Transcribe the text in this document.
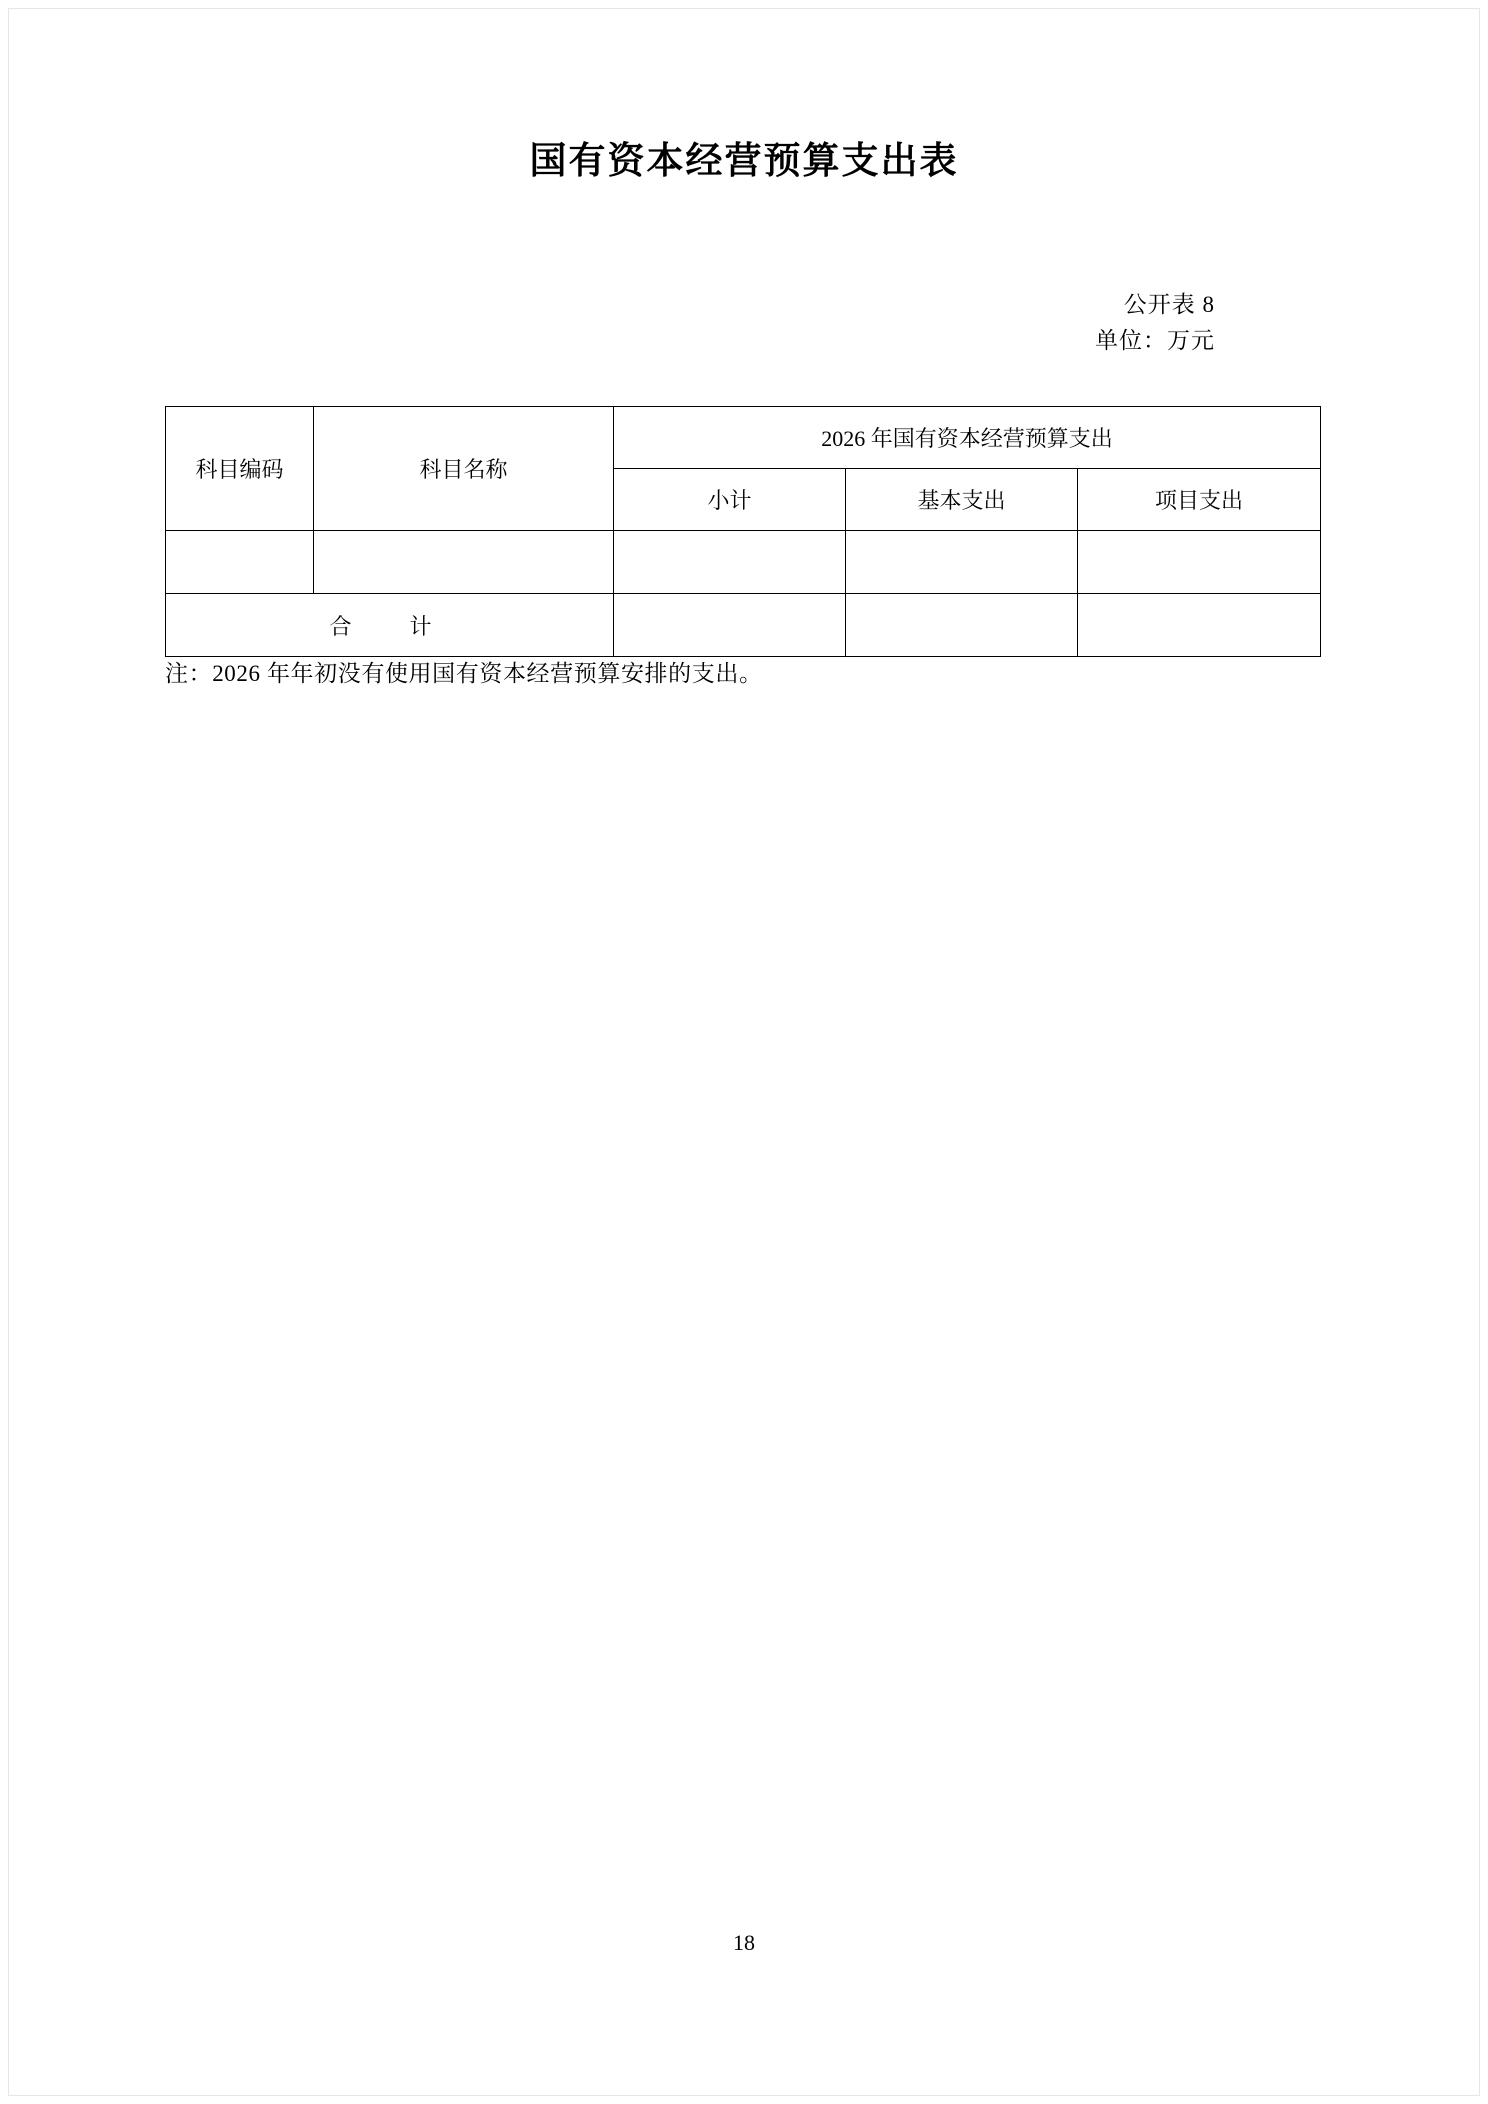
国有资本经营预算支出表
公开表 8
单位：万元
科目编码	科目名称	2026 年国有资本经营预算支出		
		小计	基本支出	项目支出

合　计				
注：2026 年年初没有使用国有资本经营预算安排的支出。
18
